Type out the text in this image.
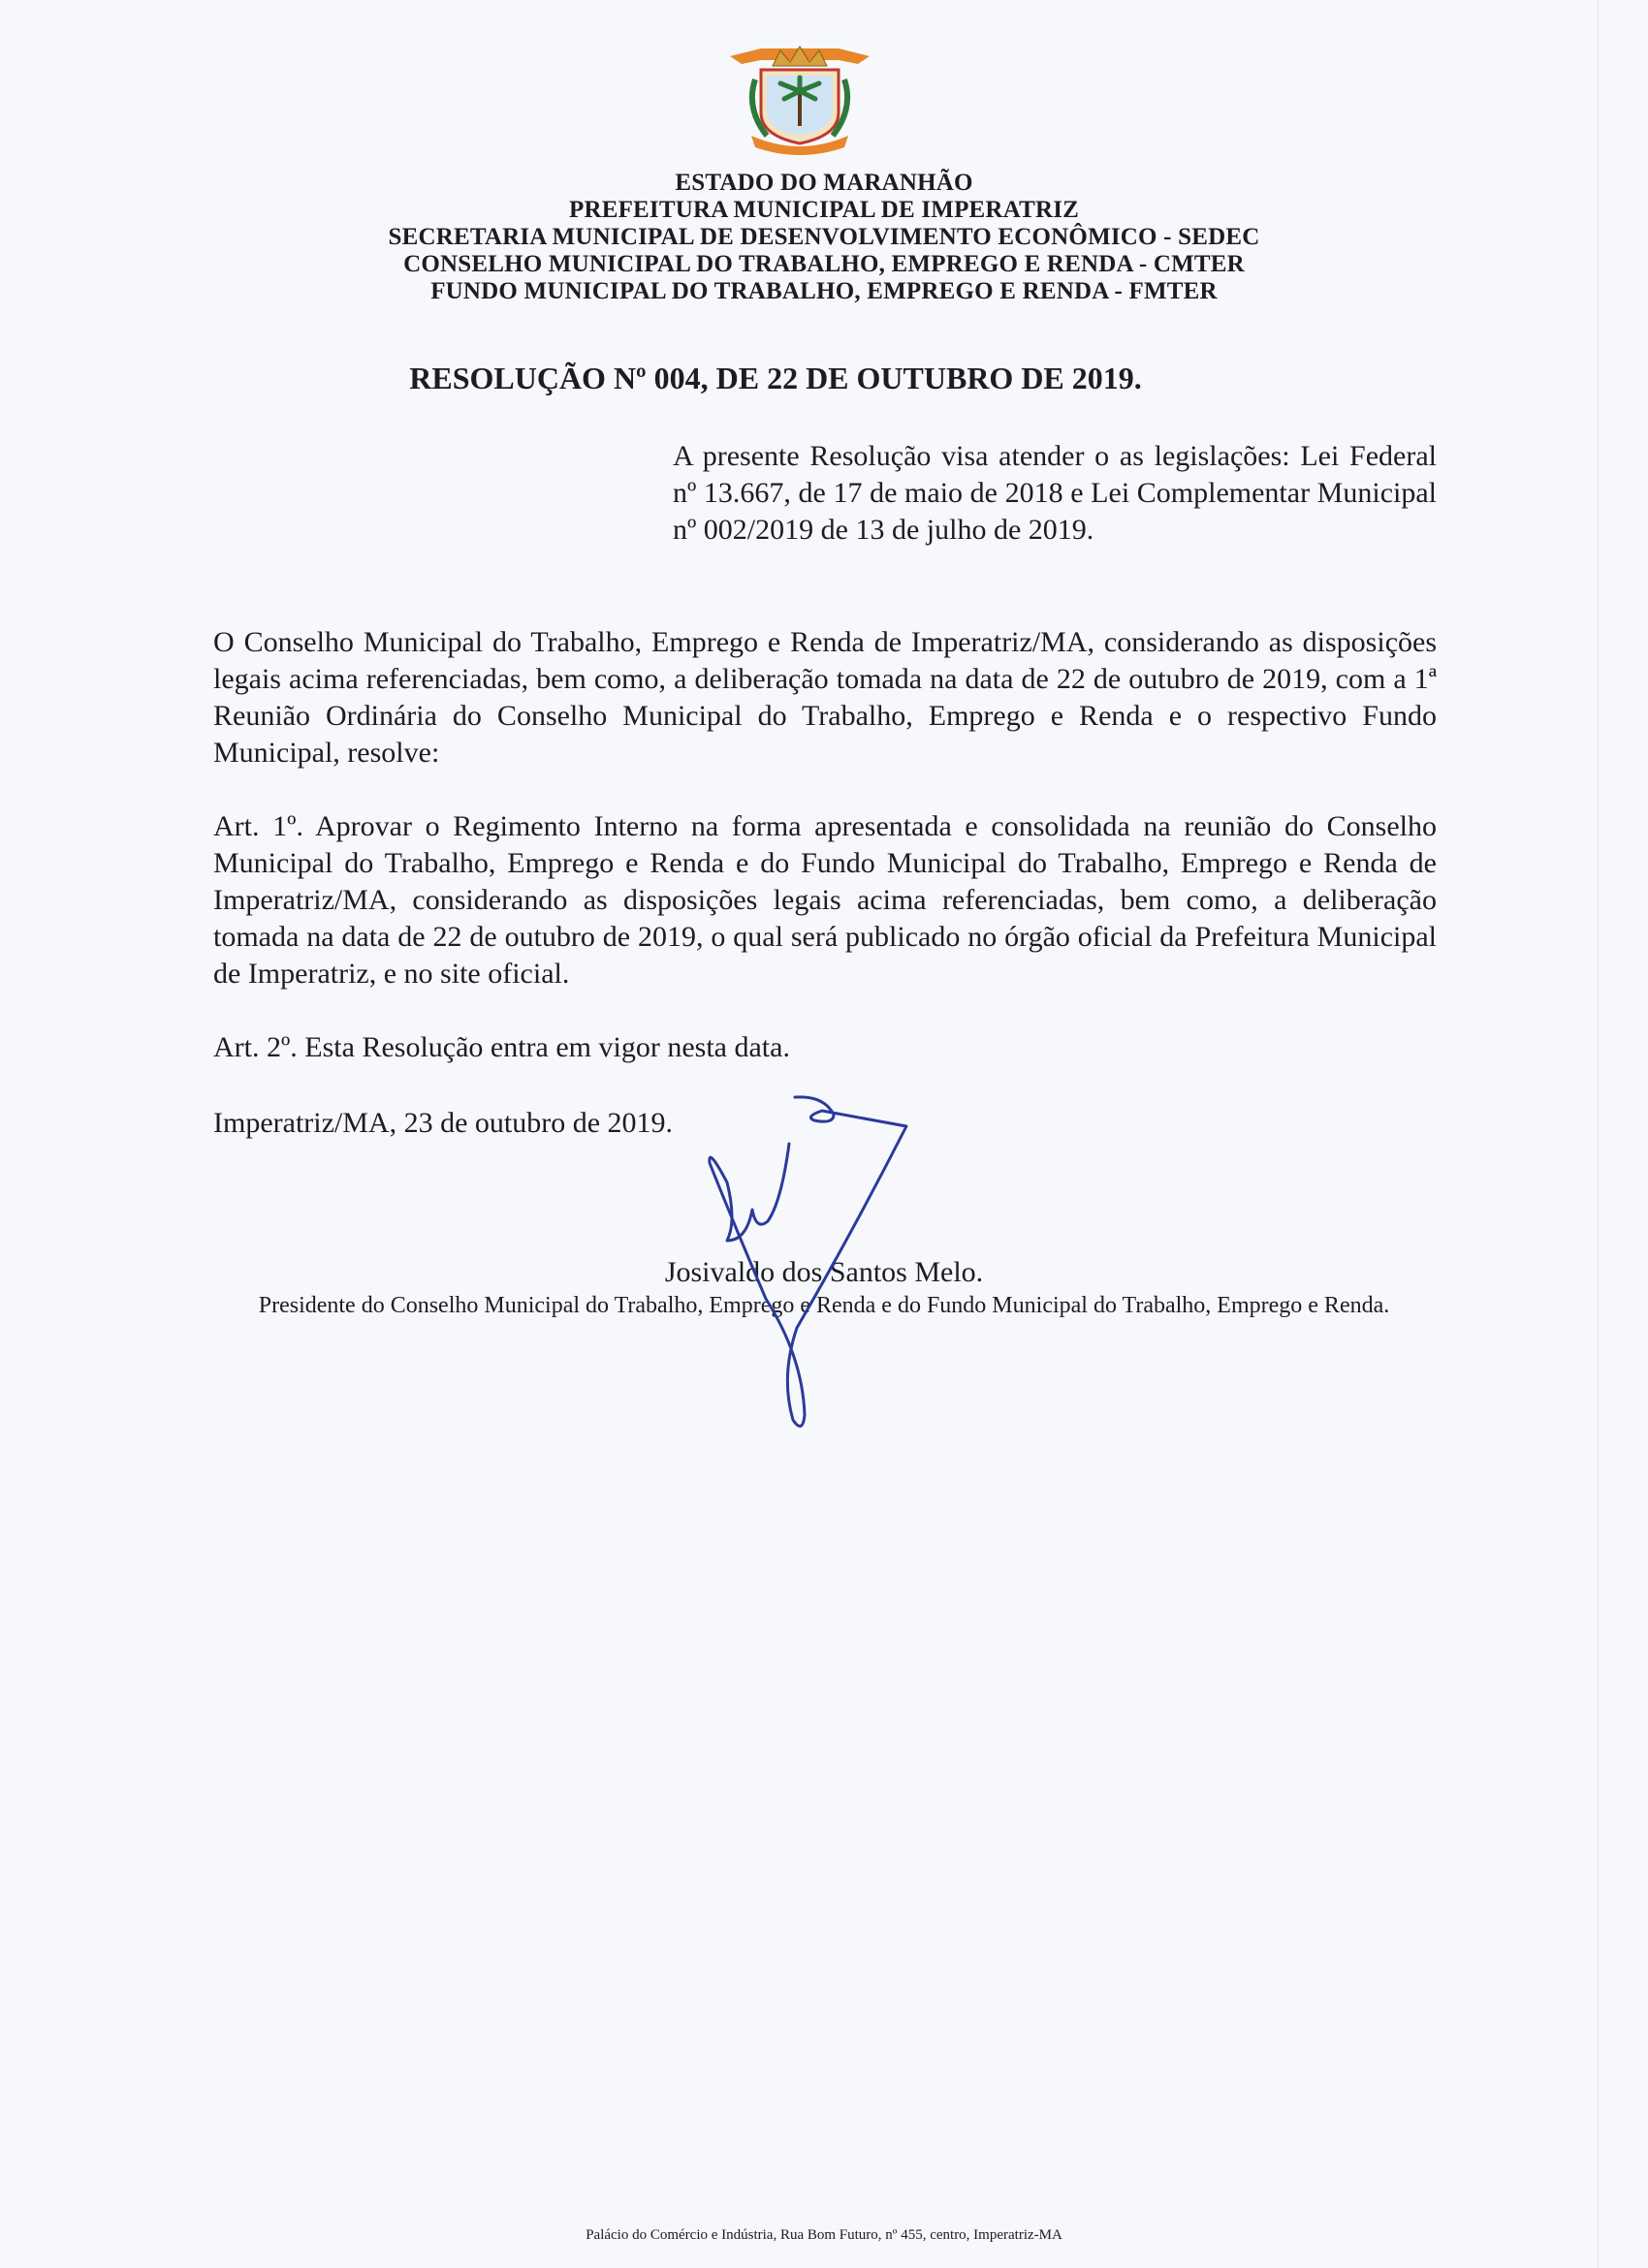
ESTADO DO MARANHÃO
PREFEITURA MUNICIPAL DE IMPERATRIZ
SECRETARIA MUNICIPAL DE DESENVOLVIMENTO ECONÔMICO - SEDEC
CONSELHO MUNICIPAL DO TRABALHO, EMPREGO E RENDA - CMTER
FUNDO MUNICIPAL DO TRABALHO, EMPREGO E RENDA - FMTER
RESOLUÇÃO Nº 004, DE 22 DE OUTUBRO DE 2019.
A presente Resolução visa atender o as legislações: Lei Federal nº 13.667, de 17 de maio de 2018 e Lei Complementar Municipal nº 002/2019 de 13 de julho de 2019.
O Conselho Municipal do Trabalho, Emprego e Renda de Imperatriz/MA, considerando as disposições legais acima referenciadas, bem como, a deliberação tomada na data de 22 de outubro de 2019, com a 1ª Reunião Ordinária do Conselho Municipal do Trabalho, Emprego e Renda e o respectivo Fundo Municipal, resolve:
Art. 1º. Aprovar o Regimento Interno na forma apresentada e consolidada na reunião do Conselho Municipal do Trabalho, Emprego e Renda e do Fundo Municipal do Trabalho, Emprego e Renda de Imperatriz/MA, considerando as disposições legais acima referenciadas, bem como, a deliberação tomada na data de 22 de outubro de 2019, o qual será publicado no órgão oficial da Prefeitura Municipal de Imperatriz, e no site oficial.
Art. 2º. Esta Resolução entra em vigor nesta data.
Imperatriz/MA, 23 de outubro de 2019.
Josivaldo dos Santos Melo.
Presidente do Conselho Municipal do Trabalho, Emprego e Renda e do Fundo Municipal do Trabalho, Emprego e Renda.
Palácio do Comércio e Indústria, Rua Bom Futuro, nº 455, centro, Imperatriz-MA
